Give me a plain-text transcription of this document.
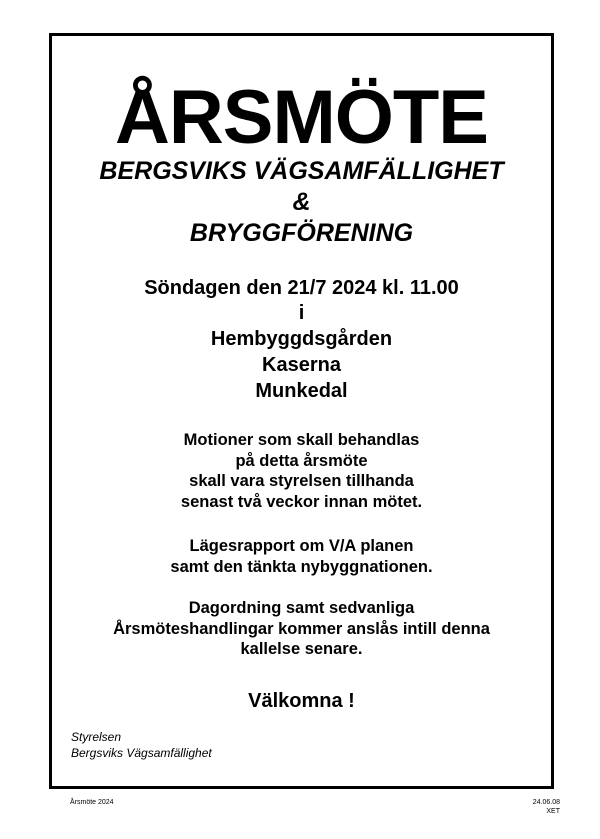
ÅRSMÖTE
BERGSVIKS VÄGSAMFÄLLIGHET
&
BRYGGFÖRENING
Söndagen den 21/7 2024 kl. 11.00
i
Hembyggdsgården
Kaserna
Munkedal
Motioner som skall behandlas
på detta årsmöte
skall vara styrelsen tillhanda
senast två veckor innan mötet.
Lägesrapport om V/A planen
samt den tänkta nybyggnationen.
Dagordning samt sedvanliga
Årsmöteshandlingar kommer anslås intill denna
kallelse senare.
Välkomna !
Styrelsen
Bergsviks Vägsamfällighet
Årsmöte 2024	24.06.08
XET
